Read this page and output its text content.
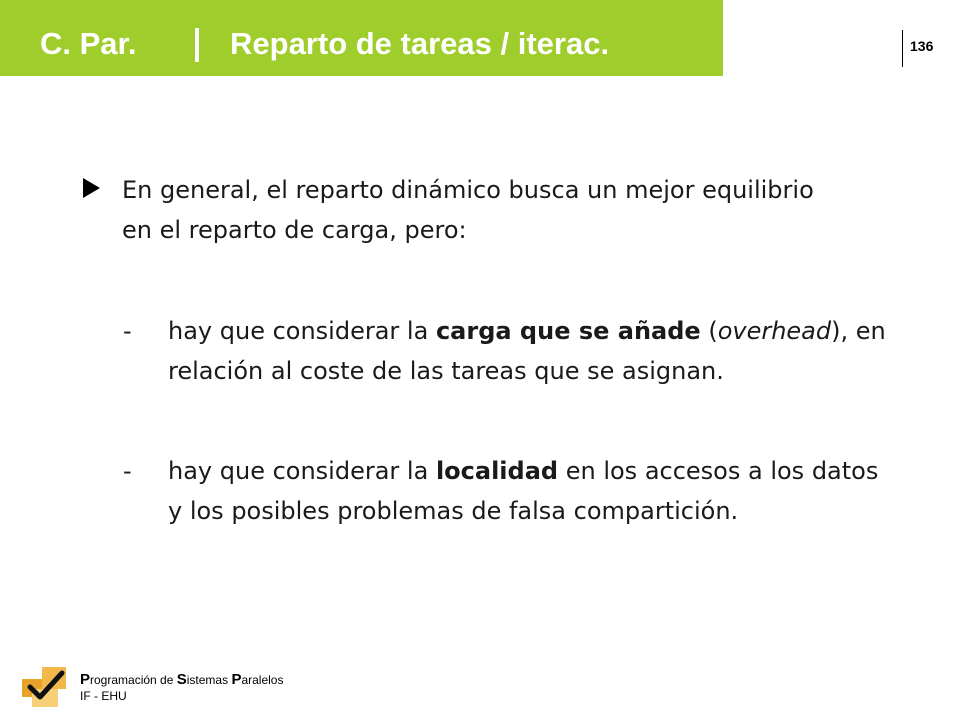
C. Par.	Reparto de tareas / iterac.	136
En general, el reparto dinámico busca un mejor equilibrio en el reparto de carga, pero:
- hay que considerar la carga que se añade (overhead), en relación al coste de las tareas que se asignan.
- hay que considerar la localidad en los accesos a los datos y los posibles problemas de falsa compartición.
Programación de Sistemas Paralelos
IF - EHU
